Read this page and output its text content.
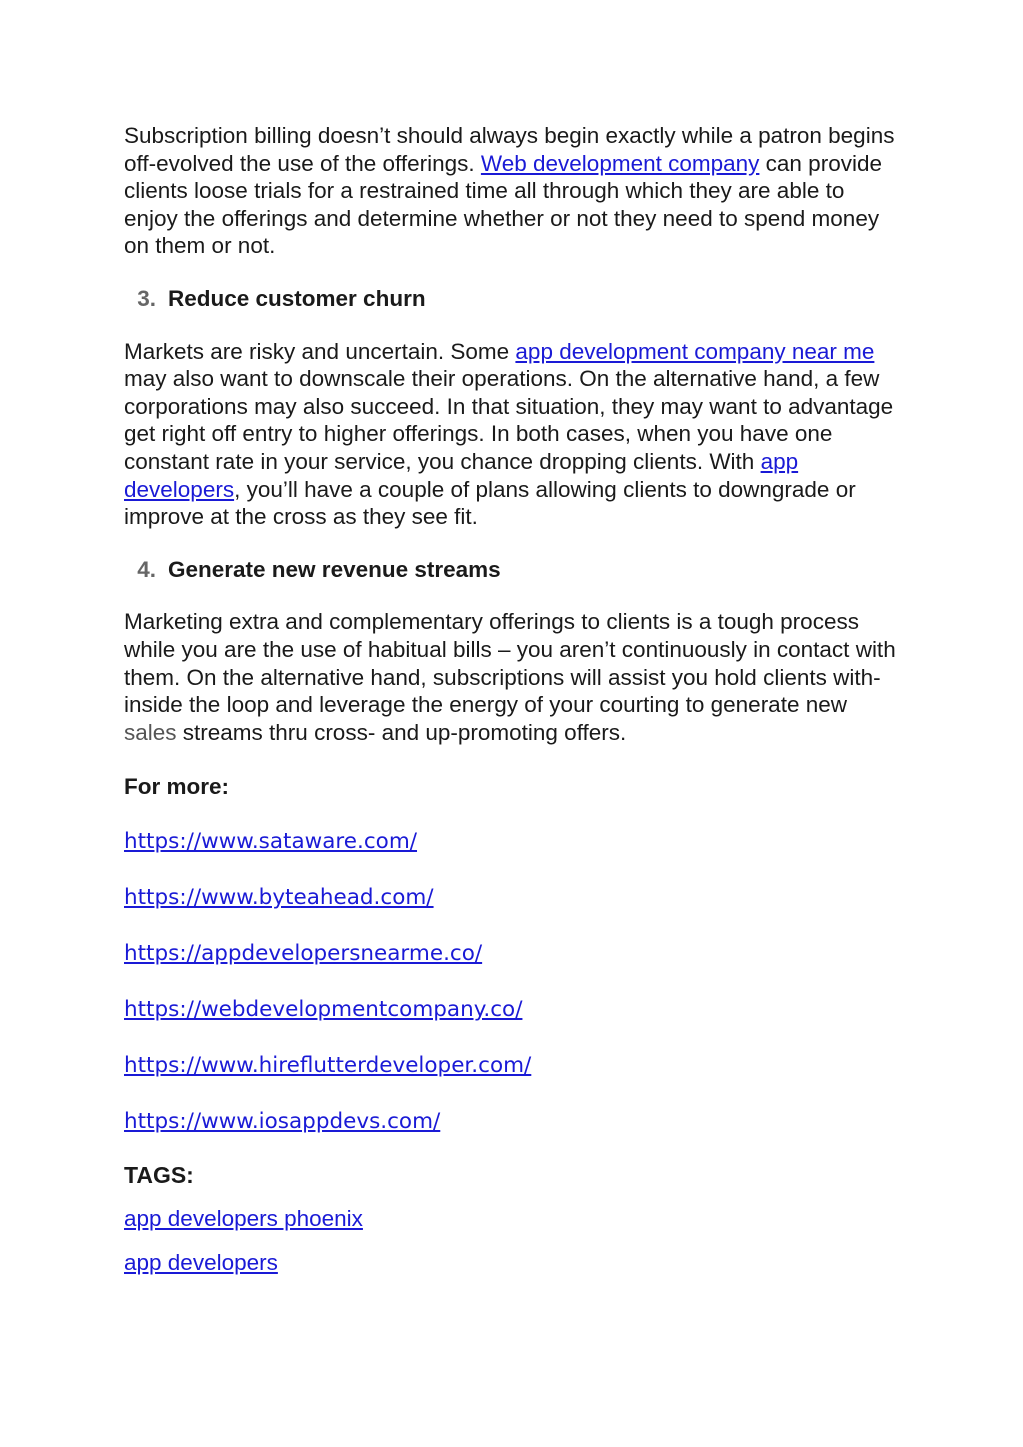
Subscription billing doesn’t should always begin exactly while a patron begins off-evolved the use of the offerings. Web development company can provide clients loose trials for a restrained time all through which they are able to enjoy the offerings and determine whether or not they need to spend money on them or not.

3. Reduce customer churn

Markets are risky and uncertain. Some app development company near me may also want to downscale their operations. On the alternative hand, a few corporations may also succeed. In that situation, they may want to advantage get right off entry to higher offerings. In both cases, when you have one constant rate in your service, you chance dropping clients. With app developers, you’ll have a couple of plans allowing clients to downgrade or improve at the cross as they see fit.

4. Generate new revenue streams

Marketing extra and complementary offerings to clients is a tough process while you are the use of habitual bills – you aren’t continuously in contact with them. On the alternative hand, subscriptions will assist you hold clients with-inside the loop and leverage the energy of your courting to generate new sales streams thru cross- and up-promoting offers.

For more:

https://www.sataware.com/
https://www.byteahead.com/
https://appdevelopersnearme.co/
https://webdevelopmentcompany.co/
https://www.hireflutterdeveloper.com/
https://www.iosappdevs.com/

TAGS:

app developers phoenix
app developers
